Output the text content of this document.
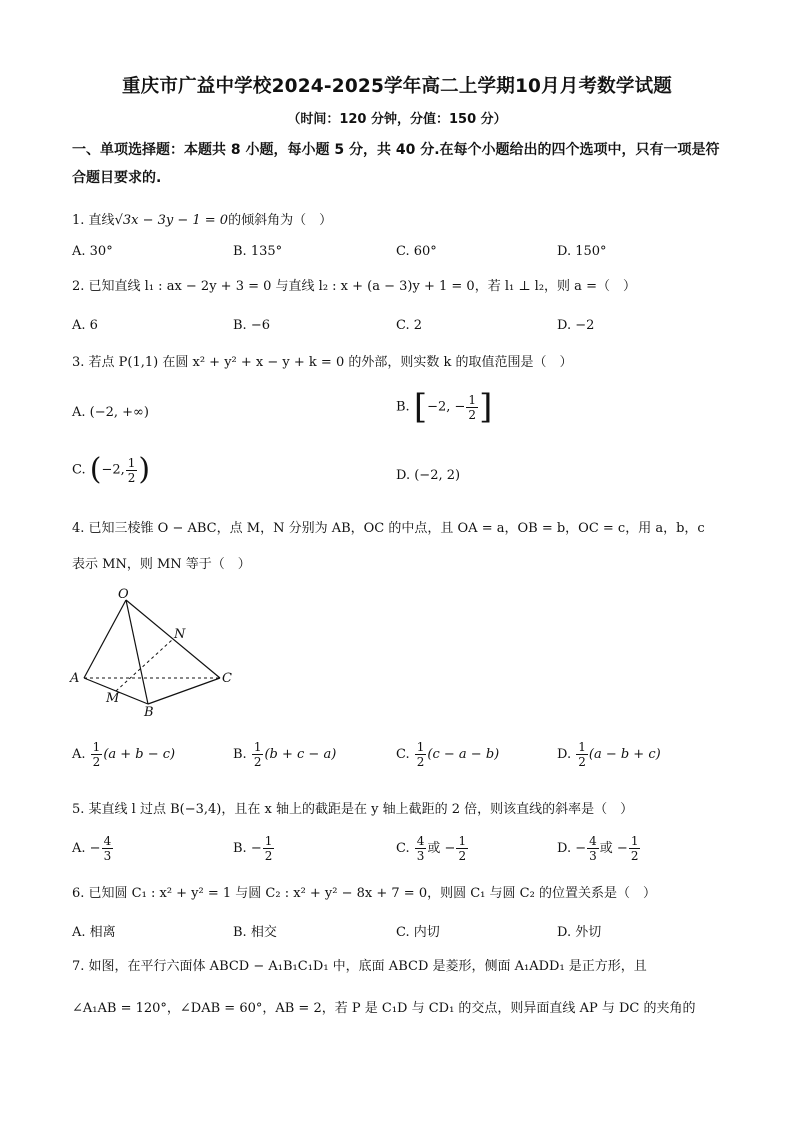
重庆市广益中学校2024-2025学年高二上学期10月月考数学试题
（时间：120 分钟，分值：150 分）
一、单项选择题：本题共 8 小题，每小题 5 分，共 40 分.在每个小题给出的四个选项中，只有一项是符合题目要求的.
1. 直线√3x − 3y − 1 = 0的倾斜角为（　）
A. 30°	B. 135°	C. 60°	D. 150°
2. 已知直线 l₁ : ax − 2y + 3 = 0 与直线 l₂ : x + (a − 3)y + 1 = 0，若 l₁ ⊥ l₂，则 a =（　）
A. 6	B. −6	C. 2	D. −2
3. 若点 P(1,1) 在圆 x² + y² + x − y + k = 0 的外部，则实数 k 的取值范围是（　）
A. (−2, +∞)	B. [−2, − $\frac{1}{2}$ ]
C. (−2, $\frac{1}{2}$ )	D. (−2, 2)
4. 已知三棱锥 O − ABC，点 M，N 分别为 AB，OC 的中点，且 OA = a，OB = b，OC = c，用 a，b，c
表示 MN，则 MN 等于（　）
O
N
A	C
M
B
A. $\frac{1}{2} (a + b - c)$	B. $\frac{1}{2} (b + c - a)$	C. $\frac{1}{2} (c - a - b)$	D. $\frac{1}{2} (a - b + c)$
5. 某直线 l 过点 B(−3,4)，且在 x 轴上的截距是在 y 轴上截距的 2 倍，则该直线的斜率是（　）
A. − $\frac{4}{3}$	B. − $\frac{1}{2}$	C. $\frac{4}{3}$ 或 − $\frac{1}{2}$	D. − $\frac{4}{3}$ 或 − $\frac{1}{2}$
6. 已知圆 C₁ : x² + y² = 1 与圆 C₂ : x² + y² − 8x + 7 = 0，则圆 C₁ 与圆 C₂ 的位置关系是（　）
A. 相离	B. 相交	C. 内切	D. 外切
7. 如图，在平行六面体 ABCD − A₁B₁C₁D₁ 中，底面 ABCD 是菱形，侧面 A₁ADD₁ 是正方形，且
∠A₁AB = 120°，∠DAB = 60°，AB = 2，若 P 是 C₁D 与 CD₁ 的交点，则异面直线 AP 与 DC 的夹角的
